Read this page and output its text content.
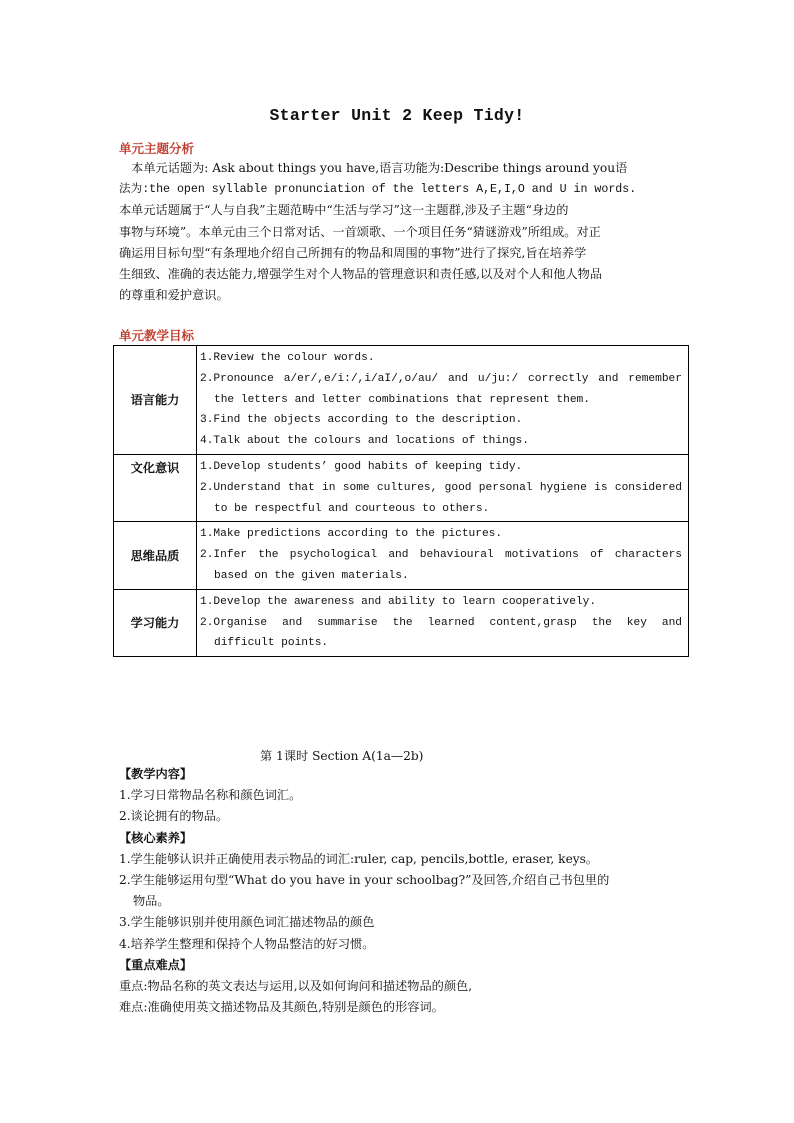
Starter Unit 2 Keep Tidy!
单元主题分析
　本单元话题为: Ask about things you have,语言功能为:Describe things around you语
法为:the open syllable pronunciation of the letters A,E,I,O and U in words.
本单元话题属于“人与自我”主题范畴中“生活与学习”这一主题群,涉及子主题“身边的
事物与环境”。本单元由三个日常对话、一首颂歌、一个项目任务“猜谜游戏”所组成。对正
确运用目标句型“有条理地介绍自己所拥有的物品和周围的事物”进行了探究,旨在培养学
生细致、准确的表达能力,增强学生对个人物品的管理意识和责任感,以及对个人和他人物品
的尊重和爱护意识。
单元教学目标
语言能力	1.Review the colour words.
2.Pronounce a/er/,e/i:/,i/aI/,o/au/ and u/ju:/ correctly and remember the letters and letter combinations that represent them.
3.Find the objects according to the description.
4.Talk about the colours and locations of things.

文化意识	1.Develop students’ good habits of keeping tidy.
2.Understand that in some cultures, good personal hygiene is considered to be respectful and courteous to others.

思维品质	1.Make predictions according to the pictures.
2.Infer the psychological and behavioural motivations of characters based on the given materials.

学习能力	1.Develop the awareness and ability to learn cooperatively.
2.Organise and summarise the learned content,grasp the key and difficult points.
第 1课时 Section A(1a—2b)
【教学内容】
1.学习日常物品名称和颜色词汇。
2.谈论拥有的物品。
【核心素养】
1.学生能够认识并正确使用表示物品的词汇:ruler, cap, pencils,bottle, eraser, keys。
2.学生能够运用句型“What do you have in your schoolbag?”及回答,介绍自己书包里的
物品。
3.学生能够识别并使用颜色词汇描述物品的颜色
4.培养学生整理和保持个人物品整洁的好习惯。
【重点难点】
重点:物品名称的英文表达与运用,以及如何询问和描述物品的颜色,
难点:准确使用英文描述物品及其颜色,特别是颜色的形容词。
